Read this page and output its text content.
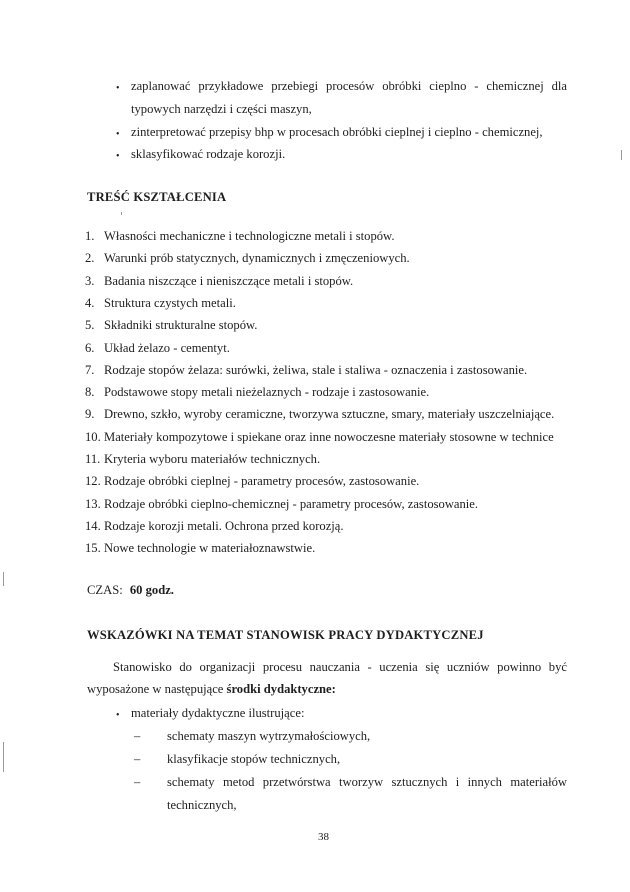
• zaplanować przykładowe przebiegi procesów obróbki cieplno - chemicznej dla
typowych narzędzi i części maszyn,
• zinterpretować przepisy bhp w procesach obróbki cieplnej i cieplno - chemicznej,
• sklasyfikować rodzaje korozji.
TREŚĆ KSZTAŁCENIA
1. Własności mechaniczne i technologiczne metali i stopów.
2. Warunki prób statycznych, dynamicznych i zmęczeniowych.
3. Badania niszczące i nieniszczące metali i stopów.
4. Struktura czystych metali.
5. Składniki strukturalne stopów.
6. Układ żelazo - cementyt.
7. Rodzaje stopów żelaza: surówki, żeliwa, stale i staliwa - oznaczenia i zastosowanie.
8. Podstawowe stopy metali nieżelaznych - rodzaje i zastosowanie.
9. Drewno, szkło, wyroby ceramiczne, tworzywa sztuczne, smary, materiały uszczelniające.
10. Materiały kompozytowe i spiekane oraz inne nowoczesne materiały stosowne w technice
11. Kryteria wyboru materiałów technicznych.
12. Rodzaje obróbki cieplnej - parametry procesów, zastosowanie.
13. Rodzaje obróbki cieplno-chemicznej - parametry procesów, zastosowanie.
14. Rodzaje korozji metali. Ochrona przed korozją.
15. Nowe technologie w materiałoznawstwie.
CZAS: 60 godz.
WSKAZÓWKI NA TEMAT STANOWISK PRACY DYDAKTYCZNEJ
Stanowisko do organizacji procesu nauczania - uczenia się uczniów powinno być
wyposażone w następujące środki dydaktyczne:
• materiały dydaktyczne ilustrujące:
– schematy maszyn wytrzymałościowych,
– klasyfikacje stopów technicznych,
– schematy metod przetwórstwa tworzyw sztucznych i innych materiałów
technicznych,
38
